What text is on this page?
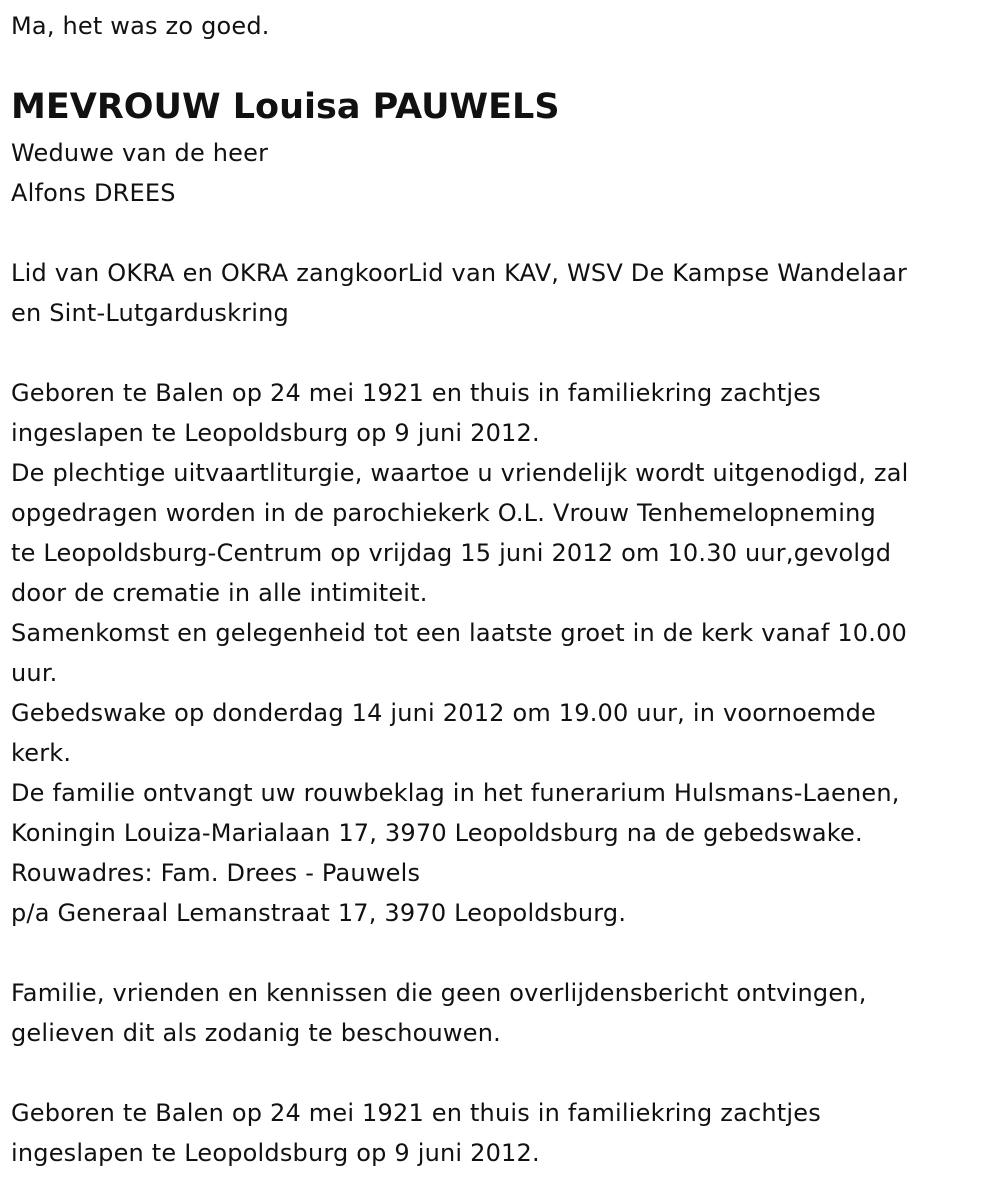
Ma, het was zo goed.
MEVROUW Louisa PAUWELS
Weduwe van de heer
Alfons DREES
Lid van OKRA en OKRA zangkoorLid van KAV, WSV De Kampse Wandelaar
en Sint-Lutgarduskring
Geboren te Balen op 24 mei 1921 en thuis in familiekring zachtjes
ingeslapen te Leopoldsburg op 9 juni 2012.
De plechtige uitvaartliturgie, waartoe u vriendelijk wordt uitgenodigd, zal
opgedragen worden in de parochiekerk O.L. Vrouw Tenhemelopneming
te Leopoldsburg-Centrum op vrijdag 15 juni 2012 om 10.30 uur,gevolgd
door de crematie in alle intimiteit.
Samenkomst en gelegenheid tot een laatste groet in de kerk vanaf 10.00
uur.
Gebedswake op donderdag 14 juni 2012 om 19.00 uur, in voornoemde
kerk.
De familie ontvangt uw rouwbeklag in het funerarium Hulsmans-Laenen,
Koningin Louiza-Marialaan 17, 3970 Leopoldsburg na de gebedswake.
Rouwadres: Fam. Drees - Pauwels
p/a Generaal Lemanstraat 17, 3970 Leopoldsburg.
Familie, vrienden en kennissen die geen overlijdensbericht ontvingen,
gelieven dit als zodanig te beschouwen.
Geboren te Balen op 24 mei 1921 en thuis in familiekring zachtjes
ingeslapen te Leopoldsburg op 9 juni 2012.
